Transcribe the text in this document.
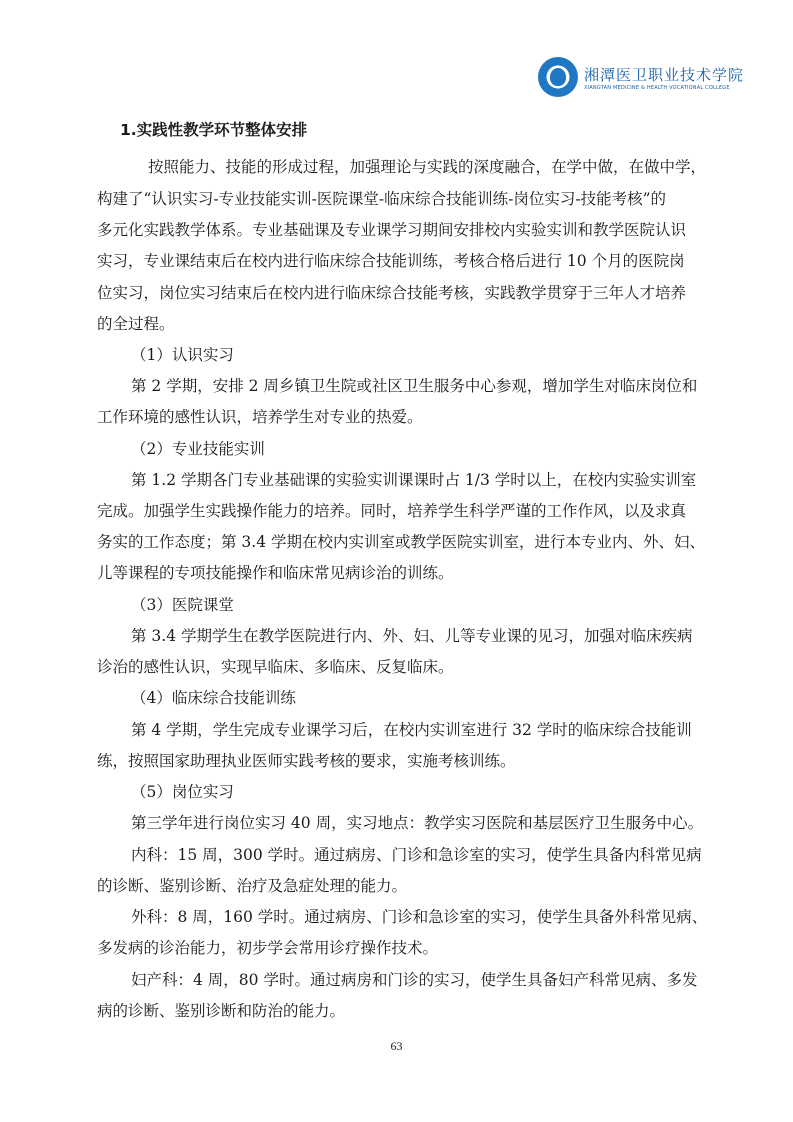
湘潭医卫职业技术学院
XIANGTAN MEDICINE & HEALTH VOCATIONAL COLLEGE
1.实践性教学环节整体安排
按照能力、技能的形成过程，加强理论与实践的深度融合，在学中做，在做中学，
构建了“认识实习-专业技能实训-医院课堂-临床综合技能训练-岗位实习-技能考核”的
多元化实践教学体系。专业基础课及专业课学习期间安排校内实验实训和教学医院认识
实习，专业课结束后在校内进行临床综合技能训练，考核合格后进行 10 个月的医院岗
位实习，岗位实习结束后在校内进行临床综合技能考核，实践教学贯穿于三年人才培养
的全过程。
（1）认识实习
第 2 学期，安排 2 周乡镇卫生院或社区卫生服务中心参观，增加学生对临床岗位和
工作环境的感性认识，培养学生对专业的热爱。
（2）专业技能实训
第 1.2 学期各门专业基础课的实验实训课课时占 1/3 学时以上，在校内实验实训室
完成。加强学生实践操作能力的培养。同时，培养学生科学严谨的工作作风，以及求真
务实的工作态度；第 3.4 学期在校内实训室或教学医院实训室，进行本专业内、外、妇、
儿等课程的专项技能操作和临床常见病诊治的训练。
（3）医院课堂
第 3.4 学期学生在教学医院进行内、外、妇、儿等专业课的见习，加强对临床疾病
诊治的感性认识，实现早临床、多临床、反复临床。
（4）临床综合技能训练
第 4 学期，学生完成专业课学习后，在校内实训室进行 32 学时的临床综合技能训
练，按照国家助理执业医师实践考核的要求，实施考核训练。
（5）岗位实习
第三学年进行岗位实习 40 周，实习地点：教学实习医院和基层医疗卫生服务中心。
内科：15 周，300 学时。通过病房、门诊和急诊室的实习，使学生具备内科常见病
的诊断、鉴别诊断、治疗及急症处理的能力。
外科：8 周，160 学时。通过病房、门诊和急诊室的实习，使学生具备外科常见病、
多发病的诊治能力，初步学会常用诊疗操作技术。
妇产科：4 周，80 学时。通过病房和门诊的实习，使学生具备妇产科常见病、多发
病的诊断、鉴别诊断和防治的能力。
63
